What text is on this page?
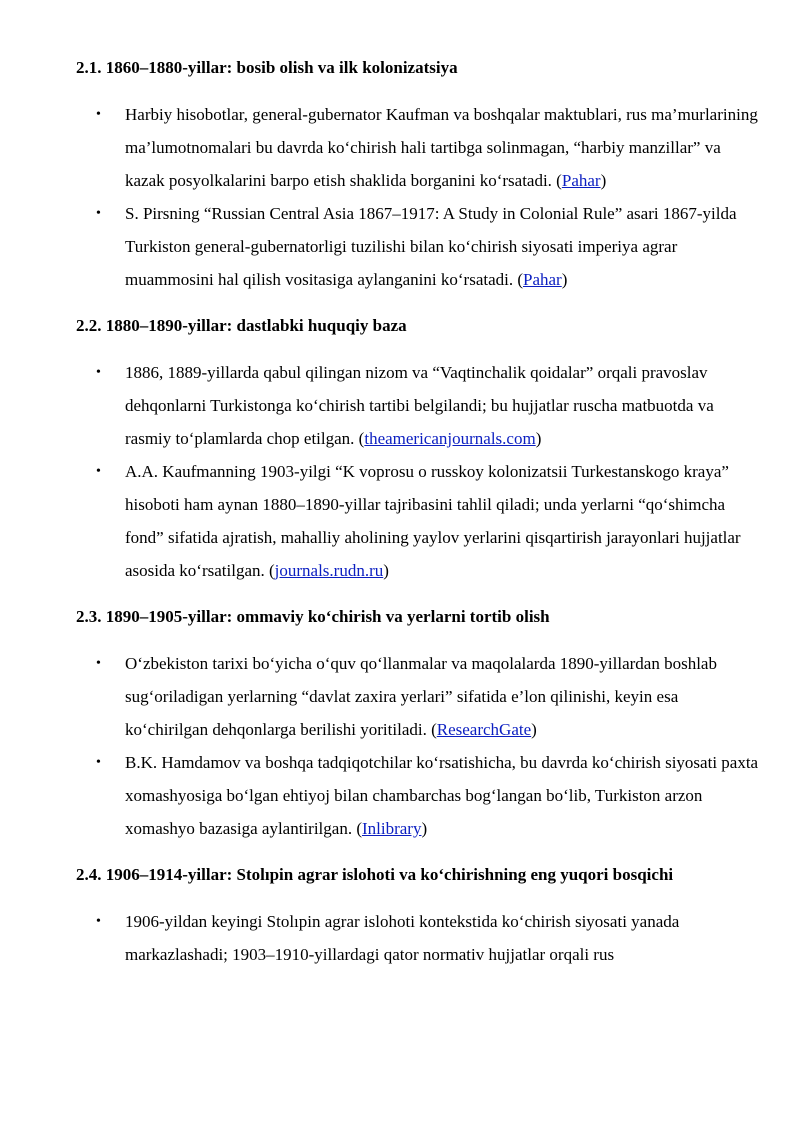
2.1. 1860–1880-yillar: bosib olish va ilk kolonizatsiya
• Harbiy hisobotlar, general-gubernator Kaufman va boshqalar maktublari, rus ma’murlarining ma’lumotnomalari bu davrda ko‘chirish hali tartibga solinmagan, “harbiy manzillar” va kazak posyolkalarini barpo etish shaklida borganini ko‘rsatadi. (Pahar)
• S. Pirsning “Russian Central Asia 1867–1917: A Study in Colonial Rule” asari 1867-yilda Turkiston general-gubernatorligi tuzilishi bilan ko‘chirish siyosati imperiya agrar muammosini hal qilish vositasiga aylanganini ko‘rsatadi. (Pahar)
2.2. 1880–1890-yillar: dastlabki huquqiy baza
• 1886, 1889-yillarda qabul qilingan nizom va “Vaqtinchalik qoidalar” orqali pravoslav dehqonlarni Turkistonga ko‘chirish tartibi belgilandi; bu hujjatlar ruscha matbuotda va rasmiy to‘plamlarda chop etilgan. (theamericanjournals.com)
• A.A. Kaufmanning 1903-yilgi “K voprosu o russkoy kolonizatsii Turkestanskogo kraya” hisoboti ham aynan 1880–1890-yillar tajribasini tahlil qiladi; unda yerlarni “qo‘shimcha fond” sifatida ajratish, mahalliy aholining yaylov yerlarini qisqartirish jarayonlari hujjatlar asosida ko‘rsatilgan. (journals.rudn.ru)
2.3. 1890–1905-yillar: ommaviy ko‘chirish va yerlarni tortib olish
• O‘zbekiston tarixi bo‘yicha o‘quv qo‘llanmalar va maqolalarda 1890-yillardan boshlab sug‘oriladigan yerlarning “davlat zaxira yerlari” sifatida e’lon qilinishi, keyin esa ko‘chirilgan dehqonlarga berilishi yoritiladi. (ResearchGate)
• B.K. Hamdamov va boshqa tadqiqotchilar ko‘rsatishicha, bu davrda ko‘chirish siyosati paxta xomashyosiga bo‘lgan ehtiyoj bilan chambarchas bog‘langan bo‘lib, Turkiston arzon xomashyo bazasiga aylantirilgan. (Inlibrary)
2.4. 1906–1914-yillar: Stolıpin agrar islohoti va ko‘chirishning eng yuqori bosqichi
• 1906-yildan keyingi Stolıpin agrar islohoti kontekstida ko‘chirish siyosati yanada markazlashadi; 1903–1910-yillardagi qator normativ hujjatlar orqali rus
